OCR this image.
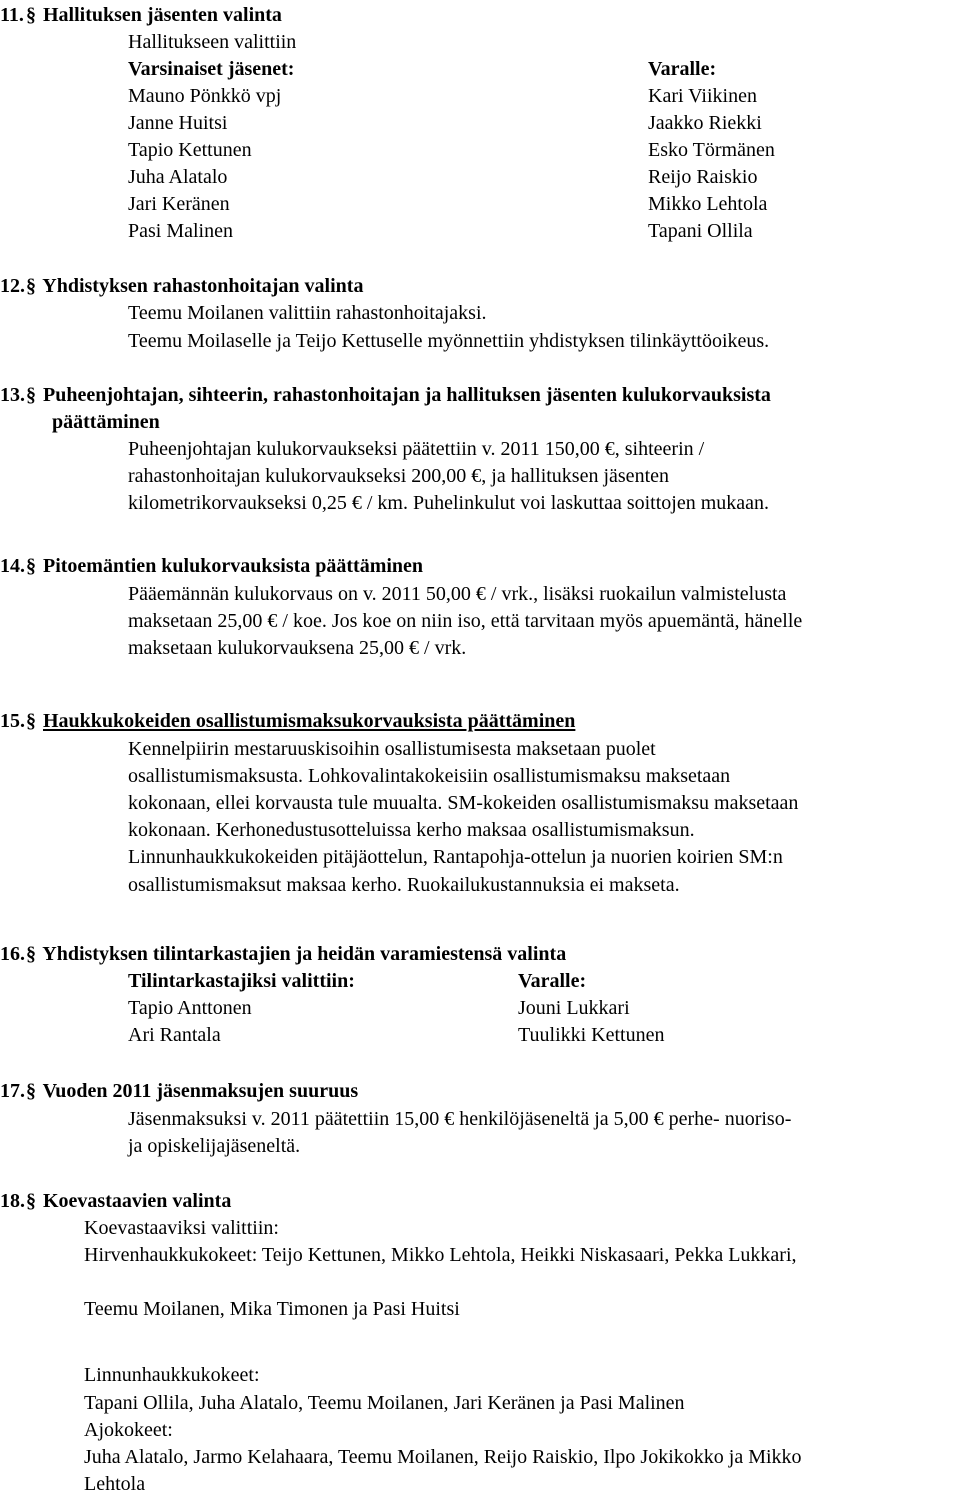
11. § Hallituksen jäsenten valinta
Hallitukseen valittiin
Varsinaiset jäsenet:	Varalle:
Mauno Pönkkö vpj
Janne Huitsi
Tapio Kettunen
Juha Alatalo
Jari Keränen
Pasi Malinen
Kari Viikinen
Jaakko Riekki
Esko Törmänen
Reijo Raiskio
Mikko Lehtola
Tapani Ollila
12.§ Yhdistyksen rahastonhoitajan valinta
Teemu Moilanen valittiin rahastonhoitajaksi.
Teemu Moilaselle ja Teijo Kettuselle myönnettiin yhdistyksen tilinkäyttöoikeus.
13.§ Puheenjohtajan, sihteerin, rahastonhoitajan ja hallituksen jäsenten kulukorvauksista
päättäminen
Puheenjohtajan kulukorvaukseksi päätettiin v. 2011 150,00 €, sihteerin /
rahastonhoitajan kulukorvaukseksi 200,00 €, ja hallituksen jäsenten
kilometrikorvaukseksi 0,25 € / km. Puhelinkulut voi laskuttaa soittojen mukaan.
14.§ Pitoemäntien kulukorvauksista päättäminen
Pääemännän kulukorvaus on v. 2011 50,00 € / vrk., lisäksi ruokailun valmistelusta
maksetaan 25,00 € / koe. Jos koe on niin iso, että tarvitaan myös apuemäntä, hänelle
maksetaan kulukorvauksena 25,00 € / vrk.
15.§ Haukkukokeiden osallistumismaksukorvauksista päättäminen
Kennelpiirin mestaruuskisoihin osallistumisesta maksetaan puolet
osallistumismaksusta. Lohkovalintakokeisiin osallistumismaksu maksetaan
kokonaan, ellei korvausta tule muualta. SM-kokeiden osallistumismaksu maksetaan
kokonaan. Kerhonedustusotteluissa kerho maksaa osallistumismaksun.
Linnunhaukkukokeiden pitäjäottelun, Rantapohja-ottelun ja nuorien koirien SM:n
osallistumismaksut maksaa kerho. Ruokailukustannuksia ei makseta.
16.§ Yhdistyksen tilintarkastajien ja heidän varamiestensä valinta
Tilintarkastajiksi valittiin:	Varalle:
Tapio Anttonen
Ari Rantala
Jouni Lukkari
Tuulikki Kettunen
17.§ Vuoden 2011 jäsenmaksujen suuruus
Jäsenmaksuksi v. 2011 päätettiin 15,00 € henkilöjäseneltä ja 5,00 € perhe- nuoriso-
ja opiskelijajäseneltä.
18.§ Koevastaavien valinta
Koevastaaviksi valittiin:
Hirvenhaukkukokeet: Teijo Kettunen, Mikko Lehtola, Heikki Niskasaari, Pekka Lukkari,
Teemu Moilanen, Mika Timonen ja Pasi Huitsi
Linnunhaukkukokeet:
Tapani Ollila, Juha Alatalo, Teemu Moilanen, Jari Keränen ja Pasi Malinen
Ajokokeet:
Juha Alatalo, Jarmo Kelahaara, Teemu Moilanen, Reijo Raiskio, Ilpo Jokikokko ja Mikko
Lehtola
